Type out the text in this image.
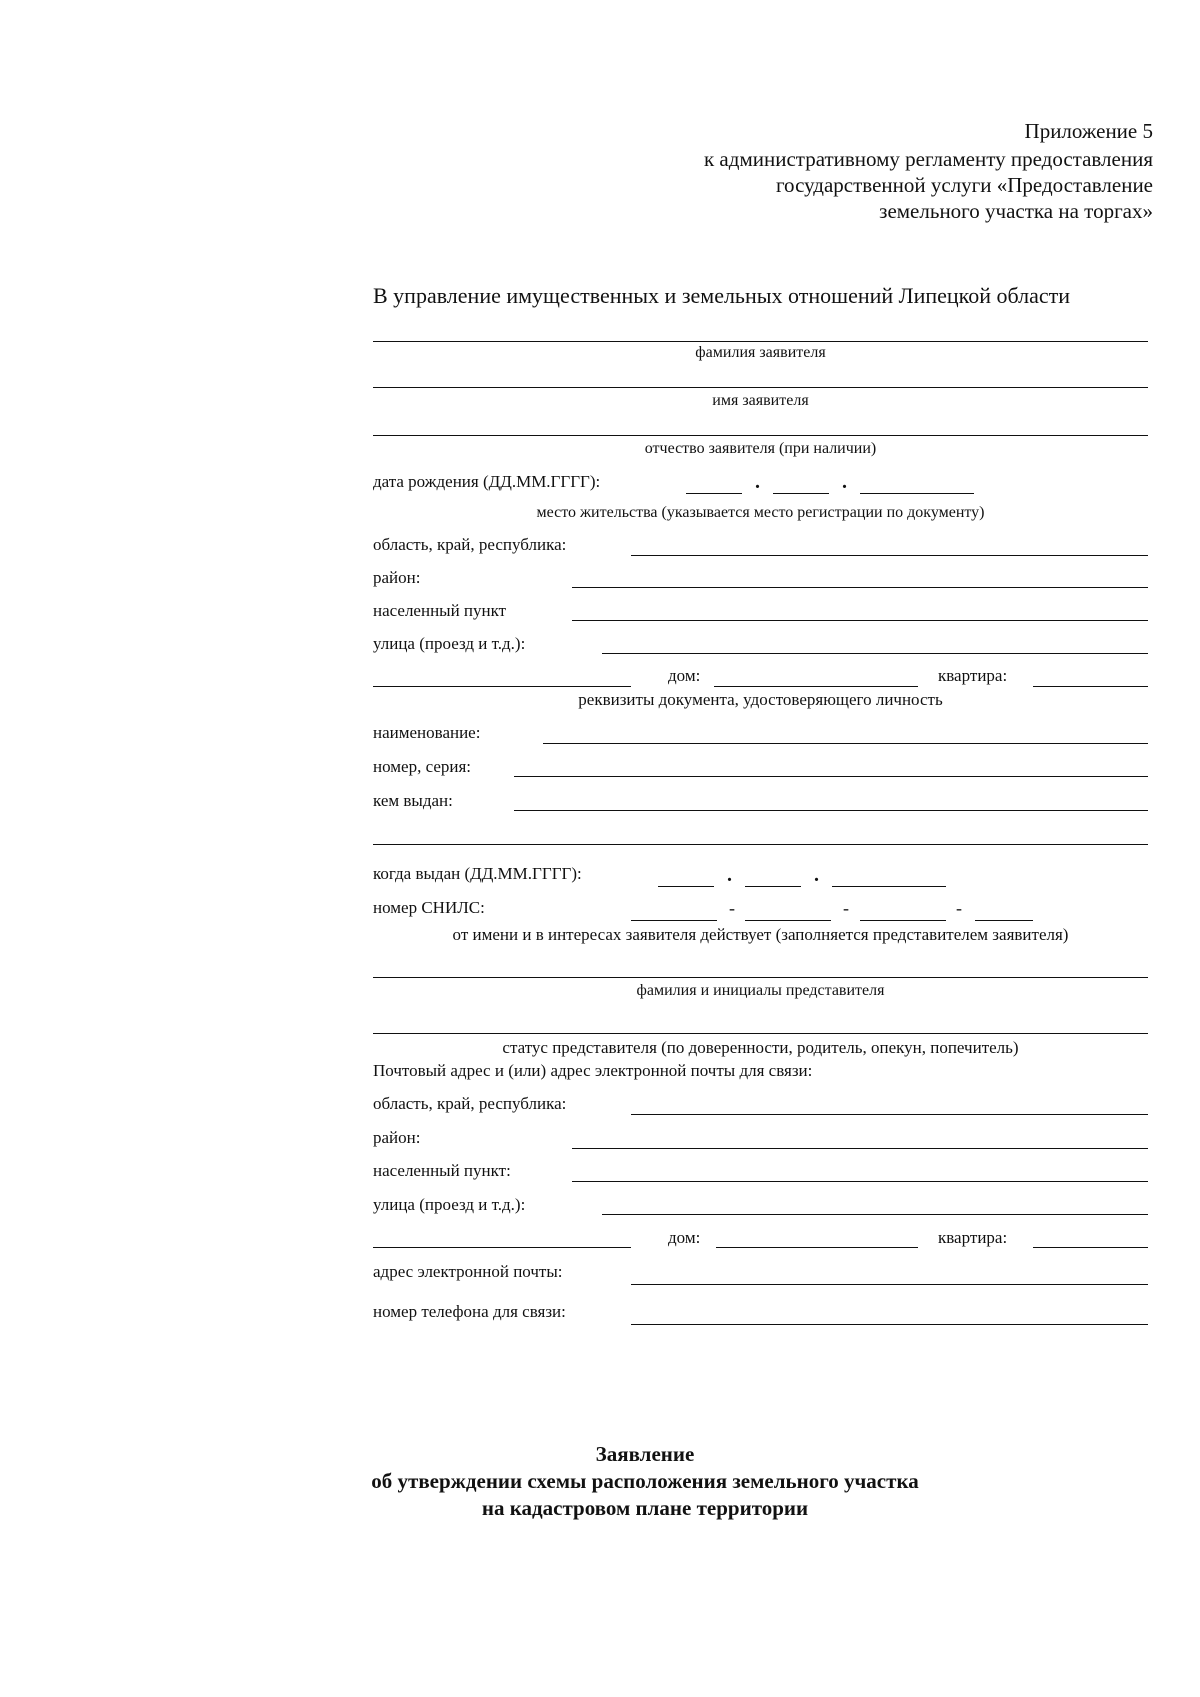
Приложение 5
к административному регламенту предоставления
государственной услуги «Предоставление
земельного участка на торгах»
В управление имущественных и земельных отношений Липецкой области
фамилия заявителя
имя заявителя
отчество заявителя (при наличии)
дата рождения (ДД.ММ.ГГГГ):	.	.
место жительства (указывается место регистрации по документу)
область, край, республика:
район:
населенный пункт
улица (проезд и т.д.):
дом:	квартира:
реквизиты документа, удостоверяющего личность
наименование:
номер, серия:
кем выдан:
когда выдан (ДД.ММ.ГГГГ):	.	.
номер СНИЛС:	-	-	-
от имени и в интересах заявителя действует (заполняется представителем заявителя)
фамилия и инициалы представителя
статус представителя (по доверенности, родитель, опекун, попечитель)
Почтовый адрес и (или) адрес электронной почты для связи:
область, край, республика:
район:
населенный пункт:
улица (проезд и т.д.):
дом:	квартира:
адрес электронной почты:
номер телефона для связи:
Заявление
об утверждении схемы расположения земельного участка
на кадастровом плане территории
